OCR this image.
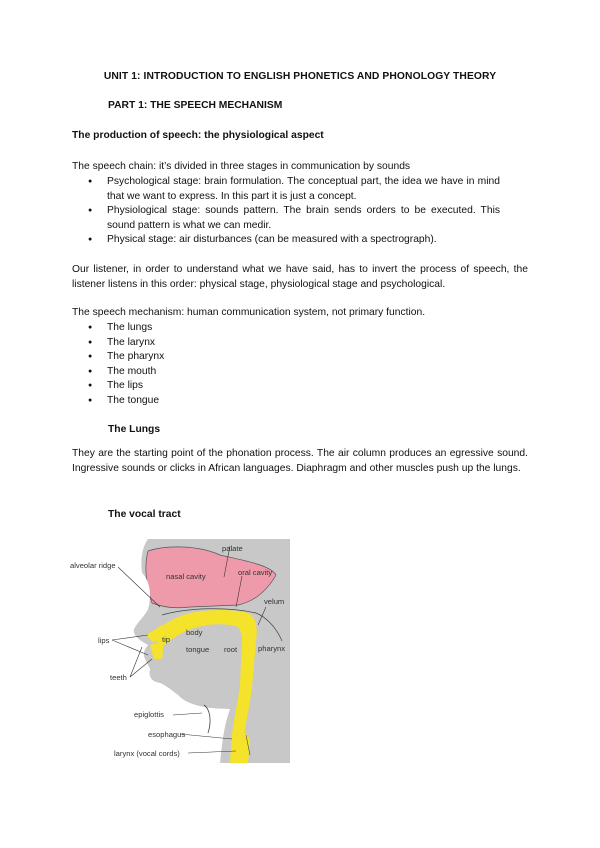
UNIT 1: INTRODUCTION TO ENGLISH PHONETICS AND PHONOLOGY THEORY
PART 1: THE SPEECH MECHANISM
The production of speech: the physiological aspect
The speech chain: it’s divided in three stages in communication by sounds
● Psychological stage: brain formulation. The conceptual part, the idea we have in mind that we want to express. In this part it is just a concept.
● Physiological stage: sounds pattern. The brain sends orders to be executed. This sound pattern is what we can medir.
● Physical stage: air disturbances (can be measured with a spectrograph).
Our listener, in order to understand what we have said, has to invert the process of speech, the listener listens in this order: physical stage, physiological stage and psychological.
The speech mechanism: human communication system, not primary function.
● The lungs
● The larynx
● The pharynx
● The mouth
● The lips
● The tongue
The Lungs
They are the starting point of the phonation process. The air column produces an egressive sound. Ingressive sounds or clicks in African languages. Diaphragm and other muscles push up the lungs.
The vocal tract
alveolar ridge
palate
nasal cavity	oral cavity
velum
lips	tip
body
tongue root	pharynx
teeth
epiglottis
esophagus
larynx (vocal cords)
